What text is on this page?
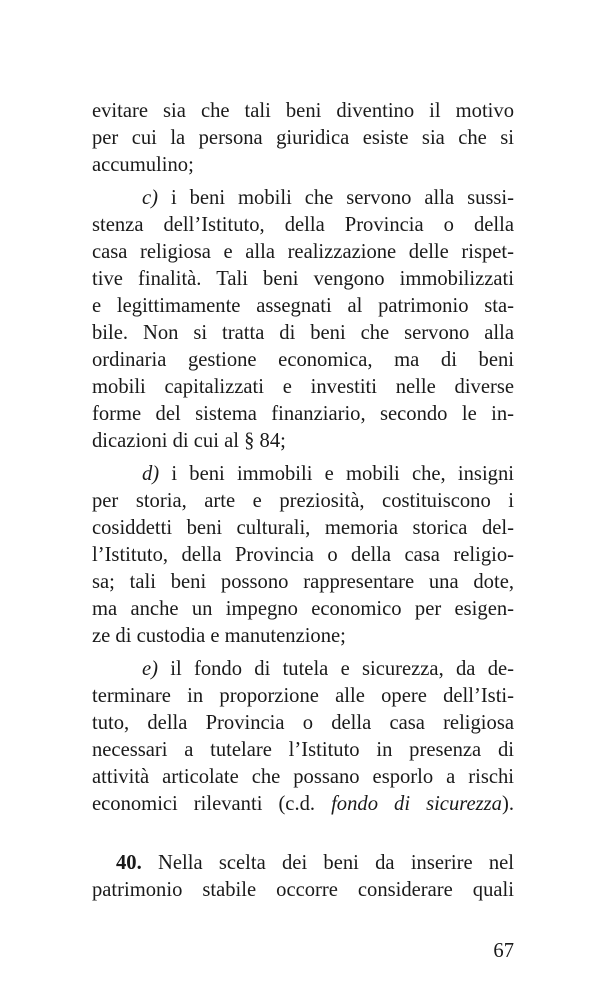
evitare sia che tali beni diventino il motivo
per cui la persona giuridica esiste sia che si
accumulino;
c) i beni mobili che servono alla sussi-
stenza dell’Istituto, della Provincia o della
casa religiosa e alla realizzazione delle rispet-
tive finalità. Tali beni vengono immobilizzati
e legittimamente assegnati al patrimonio sta-
bile. Non si tratta di beni che servono alla
ordinaria gestione economica, ma di beni
mobili capitalizzati e investiti nelle diverse
forme del sistema finanziario, secondo le in-
dicazioni di cui al § 84;
d) i beni immobili e mobili che, insigni
per storia, arte e preziosità, costituiscono i
cosiddetti beni culturali, memoria storica del-
l’Istituto, della Provincia o della casa religio-
sa; tali beni possono rappresentare una dote,
ma anche un impegno economico per esigen-
ze di custodia e manutenzione;
e) il fondo di tutela e sicurezza, da de-
terminare in proporzione alle opere dell’Isti-
tuto, della Provincia o della casa religiosa
necessari a tutelare l’Istituto in presenza di
attività articolate che possano esporlo a rischi
economici rilevanti (c.d. fondo di sicurezza).
40. Nella scelta dei beni da inserire nel
patrimonio stabile occorre considerare quali
67
